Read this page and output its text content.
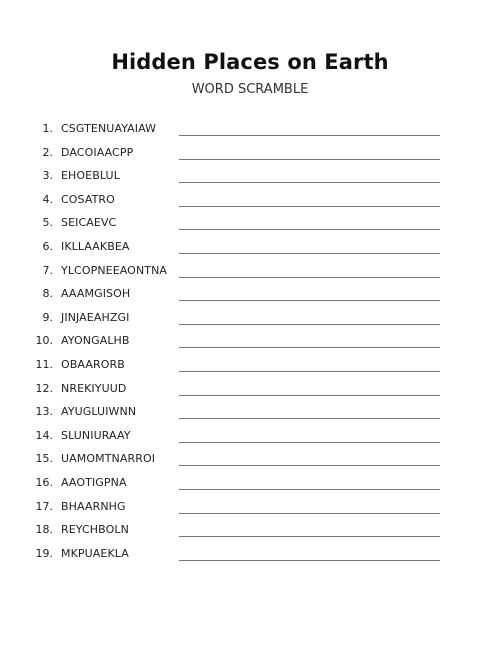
Hidden Places on Earth
WORD SCRAMBLE
1. CSGTENUAYAIAW
2. DACOIAACPP
3. EHOEBLUL
4. COSATRO
5. SEICAEVC
6. IKLLAAKBEA
7. YLCOPNEEAONTNA
8. AAAMGISOH
9. JINJAEAHZGI
10. AYONGALHB
11. OBAARORB
12. NREKIYUUD
13. AYUGLUIWNN
14. SLUNIURAAY
15. UAMOMTNARROI
16. AAOTIGPNA
17. BHAARNHG
18. REYCHBOLN
19. MKPUAEKLA
